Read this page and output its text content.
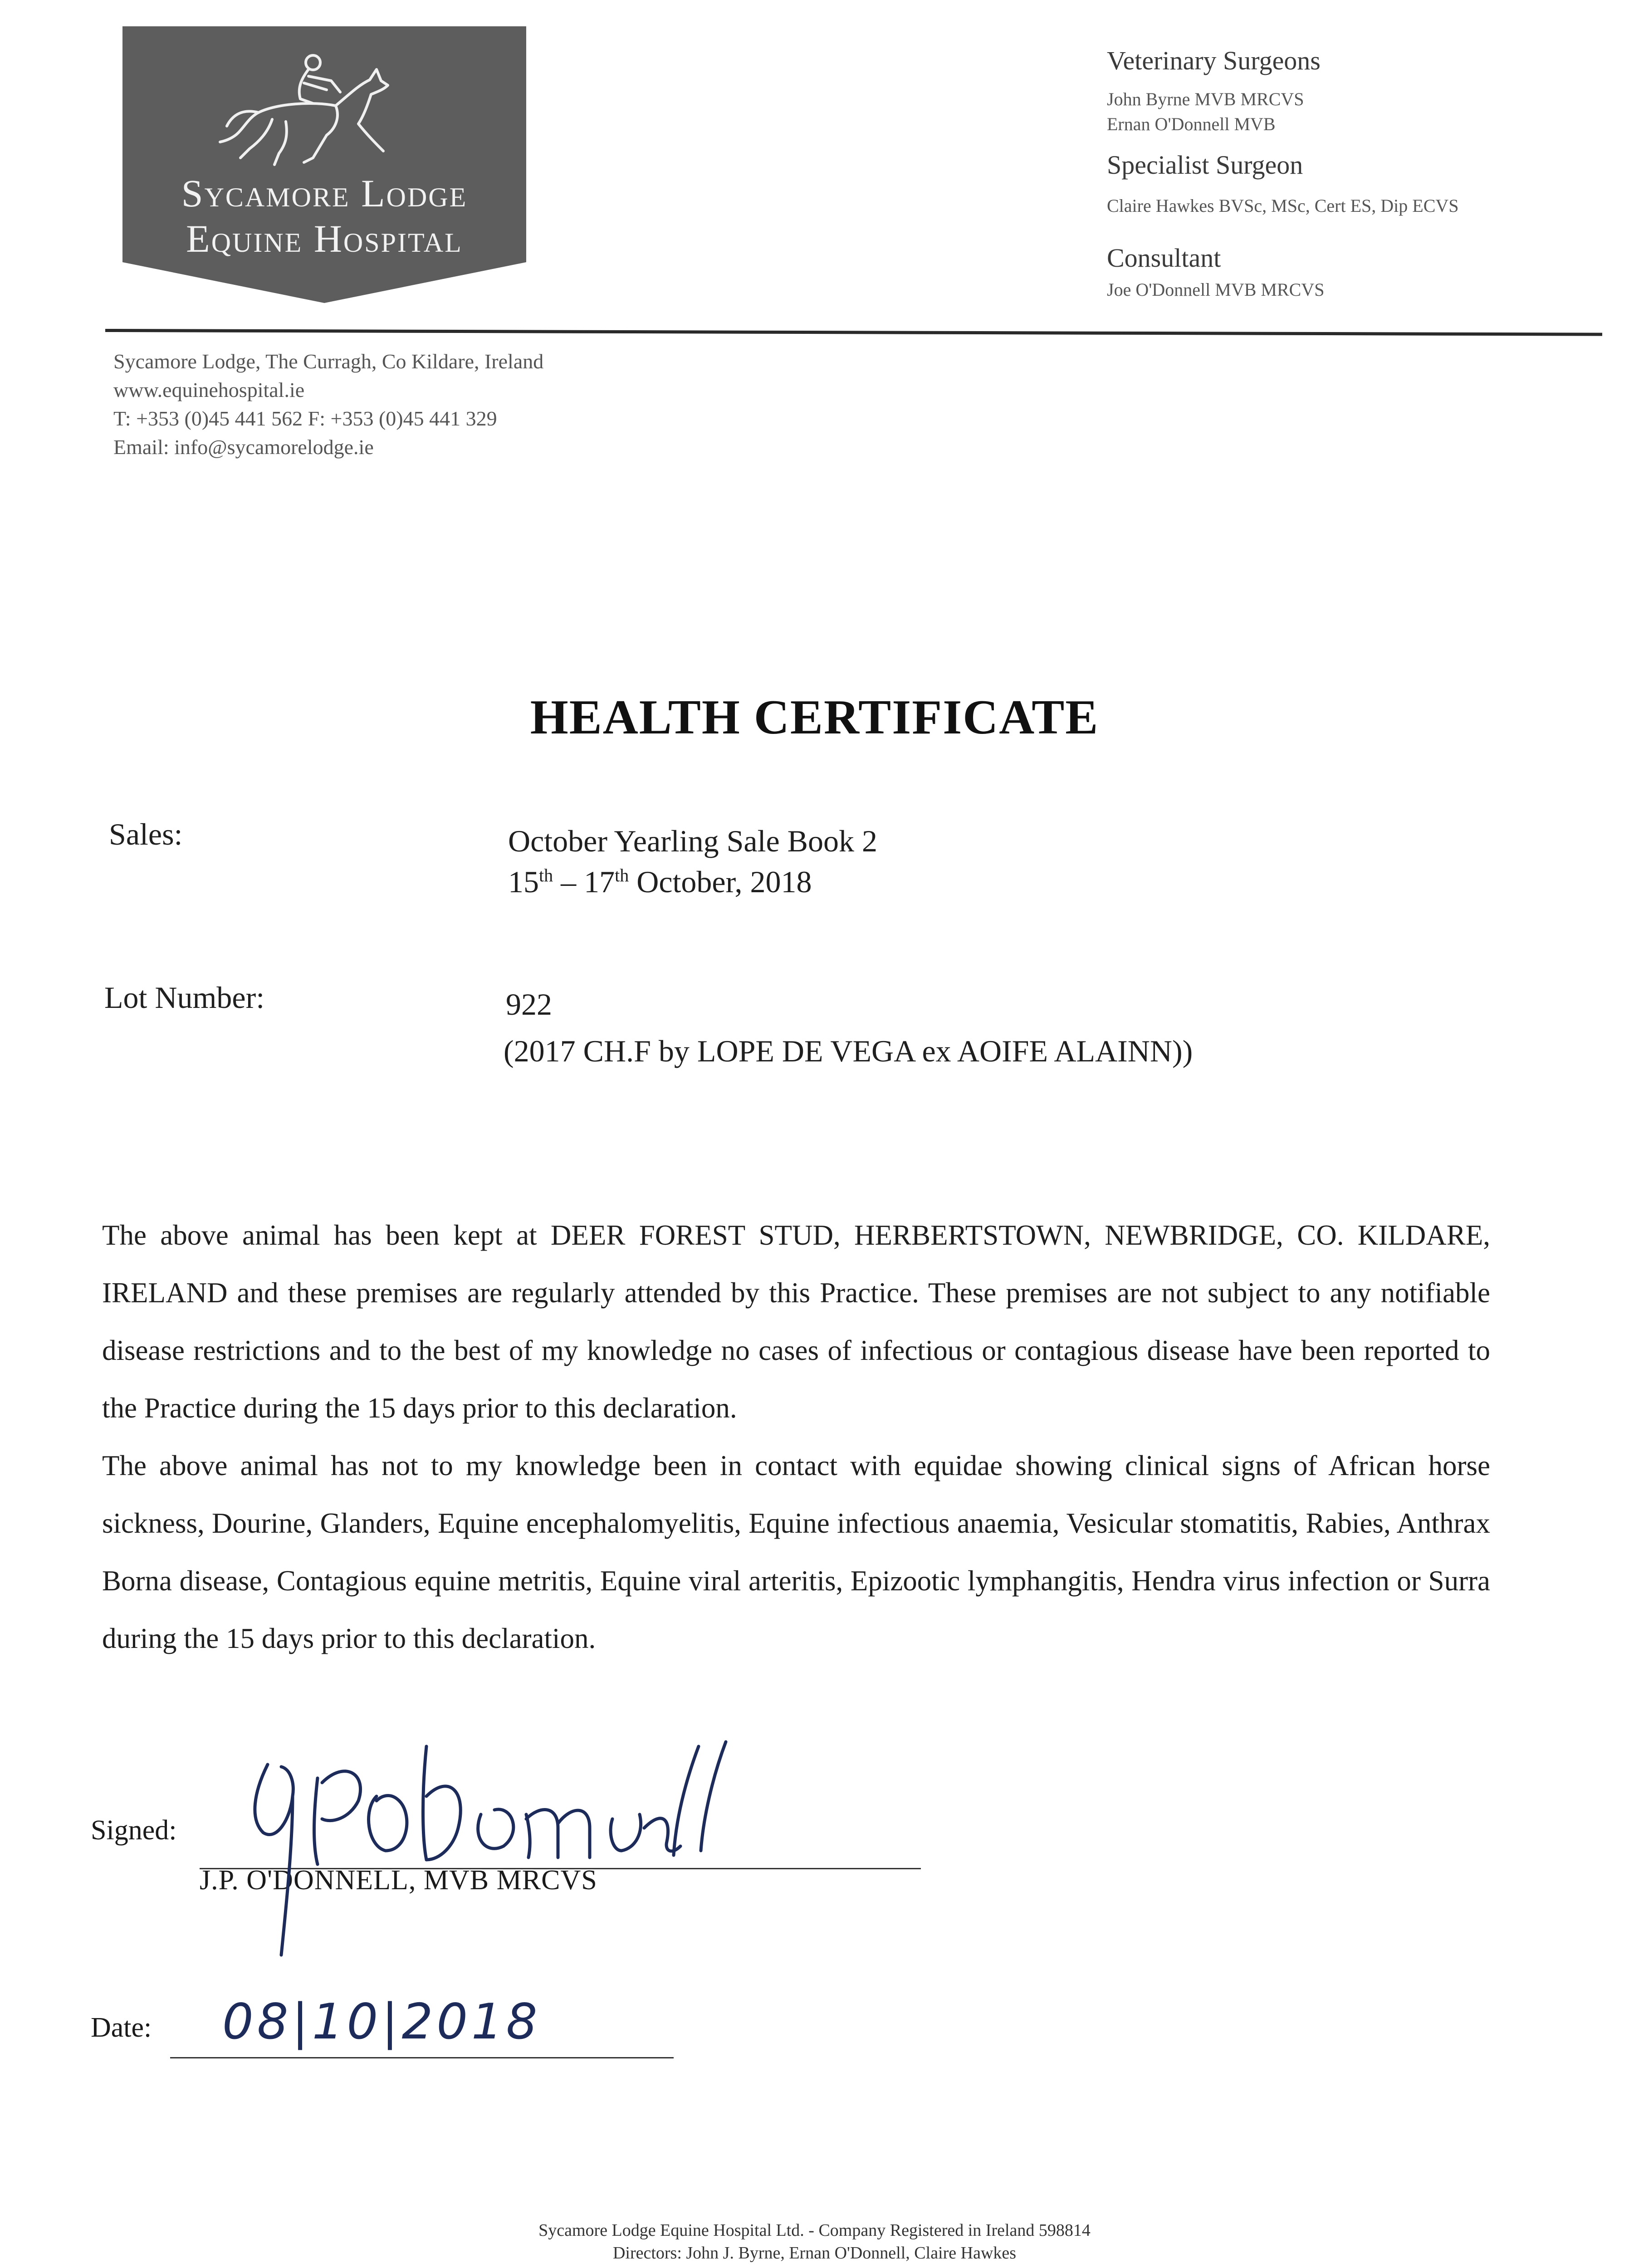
Sycamore Lodge
Equine Hospital
Veterinary Surgeons
John Byrne MVB MRCVS
Ernan O'Donnell MVB
Specialist Surgeon
Claire Hawkes BVSc, MSc, Cert ES, Dip ECVS
Consultant
Joe O'Donnell MVB MRCVS
Sycamore Lodge, The Curragh, Co Kildare, Ireland
www.equinehospital.ie
T: +353 (0)45 441 562 F: +353 (0)45 441 329
Email: info@sycamorelodge.ie
HEALTH CERTIFICATE
Sales:	October Yearling Sale Book 2
15th – 17th October, 2018
Lot Number:	922
(2017 CH.F by LOPE DE VEGA ex AOIFE ALAINN))
The above animal has been kept at DEER FOREST STUD, HERBERTSTOWN, NEWBRIDGE, CO. KILDARE, IRELAND and these premises are regularly attended by this Practice. These premises are not subject to any notifiable disease restrictions and to the best of my knowledge no cases of infectious or contagious disease have been reported to the Practice during the 15 days prior to this declaration.
The above animal has not to my knowledge been in contact with equidae showing clinical signs of African horse sickness, Dourine, Glanders, Equine encephalomyelitis, Equine infectious anaemia, Vesicular stomatitis, Rabies, Anthrax Borna disease, Contagious equine metritis, Equine viral arteritis, Epizootic lymphangitis, Hendra virus infection or Surra during the 15 days prior to this declaration.
Signed:
J.P. O'DONNELL, MVB MRCVS
Date: 08|10|2018
Sycamore Lodge Equine Hospital Ltd. - Company Registered in Ireland 598814
Directors: John J. Byrne, Ernan O'Donnell, Claire Hawkes
